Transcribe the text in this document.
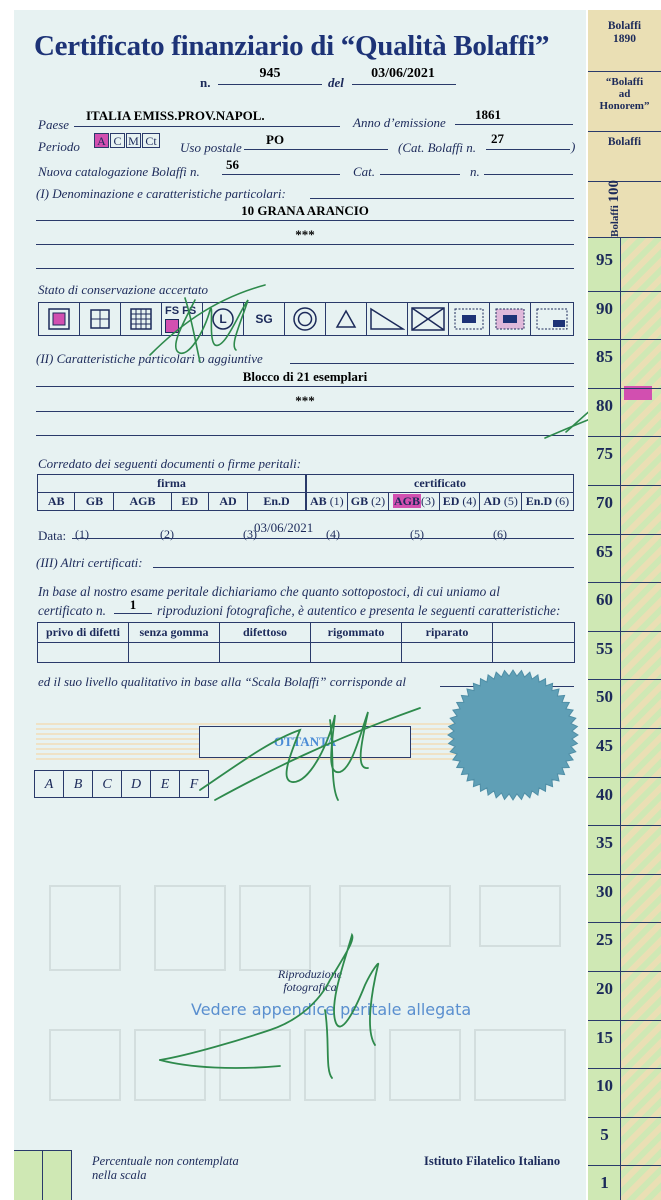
Certificato finanziario di “Qualità Bolaffi”
n.
945
del
03/06/2021
Paese
ITALIA EMISS.PROV.NAPOL.	Anno d’emissione
1861
Periodo A C M Ct	Uso postale
PO
(Cat. Bolaffi n.
27
)
Nuova catalogazione Bolaffi n.	56	Cat.	n.
(I) Denominazione e caratteristiche particolari:
10 GRANA ARANCIO
***
Stato di conservazione accertato
FS FS
L	SG
(II) Caratteristiche particolari o aggiuntive
Blocco di 21 esemplari
***
Corredato dei seguenti documenti o firme peritali:
firma
AB	GB	AGB	ED	AD	En.D
certificato
AB (1)	GB (2)	AGB(3)	ED (4)	AD (5)	En.D (6)
Data: (1)	(2)	(3)
03/06/2021 (4)	(5)	(6)
(III) Altri certificati:
In base al nostro esame peritale dichiariamo che quanto sottopostoci, di cui uniamo al
certificato n.	1	riproduzioni fotografiche, è autentico e presenta le seguenti caratteristiche:
privo di difetti	senza gomma	difettoso	rigommato	riparato	

ed il suo livello qualitativo in base alla “Scala Bolaffi” corrisponde al
OTTANTA
A	B	C	D	E	F
Riproduzione
fotografica
Vedere appendice peritale allegata
Percentuale non contemplata
nella scala
Istituto Filatelico Italiano
Bolaffi
1890
“Bolaffi
ad
Honorem”
Bolaffi
Bolaffi 100
95
90
85
80
75
70
65
60
55
50
45
40
35
30
25
20
15
10
5
1
